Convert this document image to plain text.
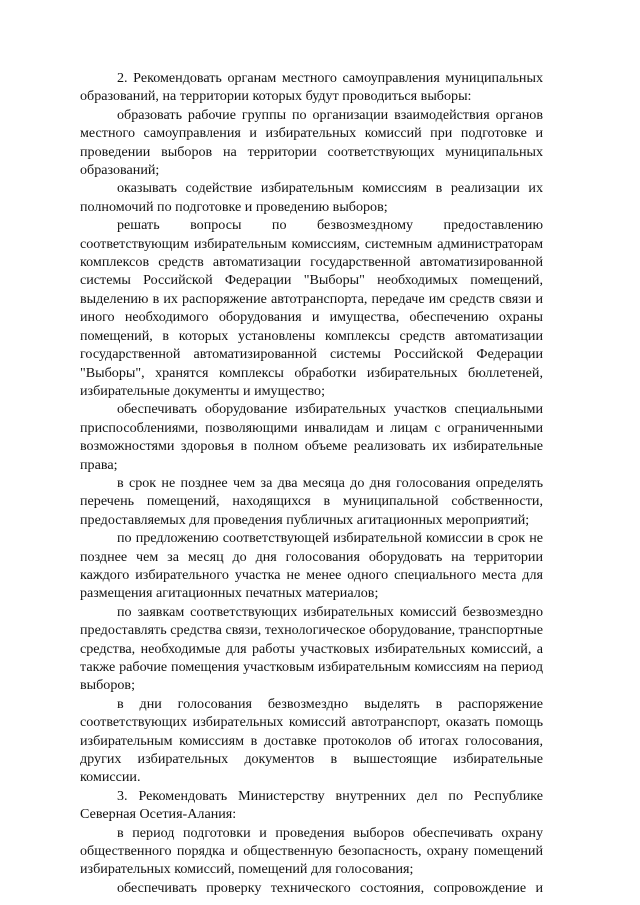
2. Рекомендовать органам местного самоуправления муниципальных образований, на территории которых будут проводиться выборы:

образовать рабочие группы по организации взаимодействия органов местного самоуправления и избирательных комиссий при подготовке и проведении выборов на территории соответствующих муниципальных образований;

оказывать содействие избирательным комиссиям в реализации их полномочий по подготовке и проведению выборов;

решать вопросы по безвозмездному предоставлению соответствующим избирательным комиссиям, системным администраторам комплексов средств автоматизации государственной автоматизированной системы Российской Федерации "Выборы" необходимых помещений, выделению в их распоряжение автотранспорта, передаче им средств связи и иного необходимого оборудования и имущества, обеспечению охраны помещений, в которых установлены комплексы средств автоматизации государственной автоматизированной системы Российской Федерации "Выборы", хранятся комплексы обработки избирательных бюллетеней, избирательные документы и имущество;

обеспечивать оборудование избирательных участков специальными приспособлениями, позволяющими инвалидам и лицам с ограниченными возможностями здоровья в полном объеме реализовать их избирательные права;

в срок не позднее чем за два месяца до дня голосования определять перечень помещений, находящихся в муниципальной собственности, предоставляемых для проведения публичных агитационных мероприятий;

по предложению соответствующей избирательной комиссии в срок не позднее чем за месяц до дня голосования оборудовать на территории каждого избирательного участка не менее одного специального места для размещения агитационных печатных материалов;

по заявкам соответствующих избирательных комиссий безвозмездно предоставлять средства связи, технологическое оборудование, транспортные средства, необходимые для работы участковых избирательных комиссий, а также рабочие помещения участковым избирательным комиссиям на период выборов;

в дни голосования безвозмездно выделять в распоряжение соответствующих избирательных комиссий автотранспорт, оказать помощь избирательным комиссиям в доставке протоколов об итогах голосования, других избирательных документов в вышестоящие избирательные комиссии.

3. Рекомендовать Министерству внутренних дел по Республике Северная Осетия-Алания:

в период подготовки и проведения выборов обеспечивать охрану общественного порядка и общественную безопасность, охрану помещений избирательных комиссий, помещений для голосования;

обеспечивать проверку технического состояния, сопровождение и
